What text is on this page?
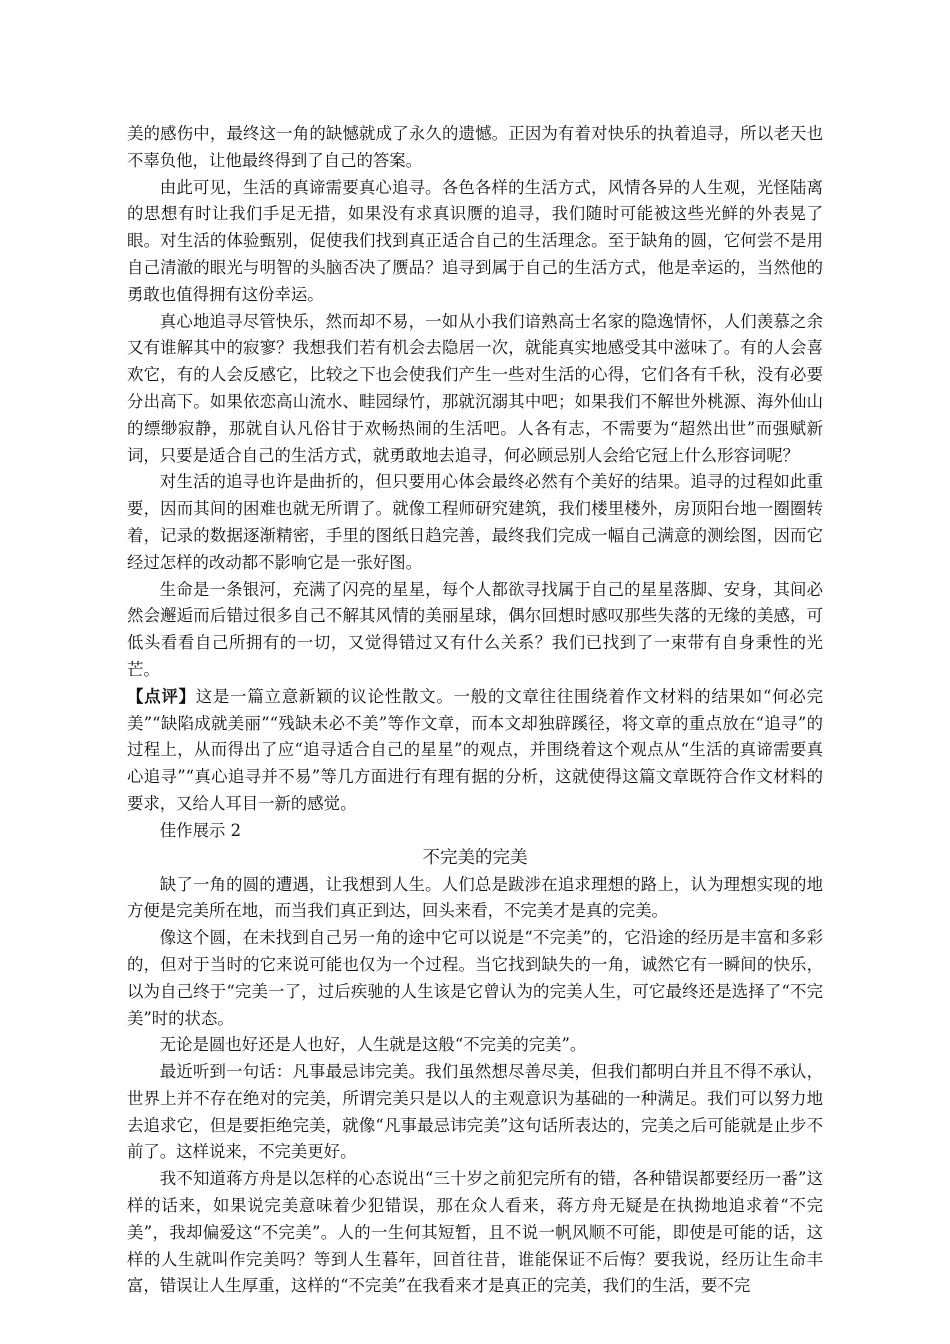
美的感伤中，最终这一角的缺憾就成了永久的遗憾。正因为有着对快乐的执着追寻，所以老天也不辜负他，让他最终得到了自己的答案。

由此可见，生活的真谛需要真心追寻。各色各样的生活方式，风情各异的人生观，光怪陆离的思想有时让我们手足无措，如果没有求真识赝的追寻，我们随时可能被这些光鲜的外表晃了眼。对生活的体验甄别，促使我们找到真正适合自己的生活理念。至于缺角的圆，它何尝不是用自己清澈的眼光与明智的头脑否决了赝品？追寻到属于自己的生活方式，他是幸运的，当然他的勇敢也值得拥有这份幸运。

真心地追寻尽管快乐，然而却不易，一如从小我们谙熟高士名家的隐逸情怀，人们羡慕之余又有谁解其中的寂寥？我想我们若有机会去隐居一次，就能真实地感受其中滋味了。有的人会喜欢它，有的人会反感它，比较之下也会使我们产生一些对生活的心得，它们各有千秋，没有必要分出高下。如果依恋高山流水、畦园绿竹，那就沉溺其中吧；如果我们不解世外桃源、海外仙山的缥缈寂静，那就自认凡俗甘于欢畅热闹的生活吧。人各有志，不需要为“超然出世”而强赋新词，只要是适合自己的生活方式，就勇敢地去追寻，何必顾忌别人会给它冠上什么形容词呢？

对生活的追寻也许是曲折的，但只要用心体会最终必然有个美好的结果。追寻的过程如此重要，因而其间的困难也就无所谓了。就像工程师研究建筑，我们楼里楼外，房顶阳台地一圈圈转着，记录的数据逐渐精密，手里的图纸日趋完善，最终我们完成一幅自己满意的测绘图，因而它经过怎样的改动都不影响它是一张好图。

生命是一条银河，充满了闪亮的星星，每个人都欲寻找属于自己的星星落脚、安身，其间必然会邂逅而后错过很多自己不解其风情的美丽星球，偶尔回想时感叹那些失落的无缘的美感，可低头看看自己所拥有的一切，又觉得错过又有什么关系？我们已找到了一束带有自身秉性的光芒。

【点评】这是一篇立意新颖的议论性散文。一般的文章往往围绕着作文材料的结果如“何必完美”“缺陷成就美丽”“残缺未必不美”等作文章，而本文却独辟蹊径，将文章的重点放在“追寻”的过程上，从而得出了应“追寻适合自己的星星”的观点，并围绕着这个观点从“生活的真谛需要真心追寻”“真心追寻并不易”等几方面进行有理有据的分析，这就使得这篇文章既符合作文材料的要求，又给人耳目一新的感觉。

佳作展示 2

不完美的完美

缺了一角的圆的遭遇，让我想到人生。人们总是跋涉在追求理想的路上，认为理想实现的地方便是完美所在地，而当我们真正到达，回头来看，不完美才是真的完美。

像这个圆，在未找到自己另一角的途中它可以说是“不完美”的，它沿途的经历是丰富和多彩的，但对于当时的它来说可能也仅为一个过程。当它找到缺失的一角，诚然它有一瞬间的快乐，以为自己终于“完美一了，过后疾驰的人生该是它曾认为的完美人生，可它最终还是选择了“不完美”时的状态。

无论是圆也好还是人也好，人生就是这般“不完美的完美”。

最近听到一句话：凡事最忌讳完美。我们虽然想尽善尽美，但我们都明白并且不得不承认，世界上并不存在绝对的完美，所谓完美只是以人的主观意识为基础的一种满足。我们可以努力地去追求它，但是要拒绝完美，就像“凡事最忌讳完美”这句话所表达的，完美之后可能就是止步不前了。这样说来，不完美更好。

我不知道蒋方舟是以怎样的心态说出“三十岁之前犯完所有的错，各种错误都要经历一番”这样的话来，如果说完美意味着少犯错误，那在众人看来，蒋方舟无疑是在执拗地追求着“不完美”，我却偏爱这“不完美”。人的一生何其短暂，且不说一帆风顺不可能，即使是可能的话，这样的人生就叫作完美吗？等到人生暮年，回首往昔，谁能保证不后悔？要我说，经历让生命丰富，错误让人生厚重，这样的“不完美”在我看来才是真正的完美，我们的生活，要不完
